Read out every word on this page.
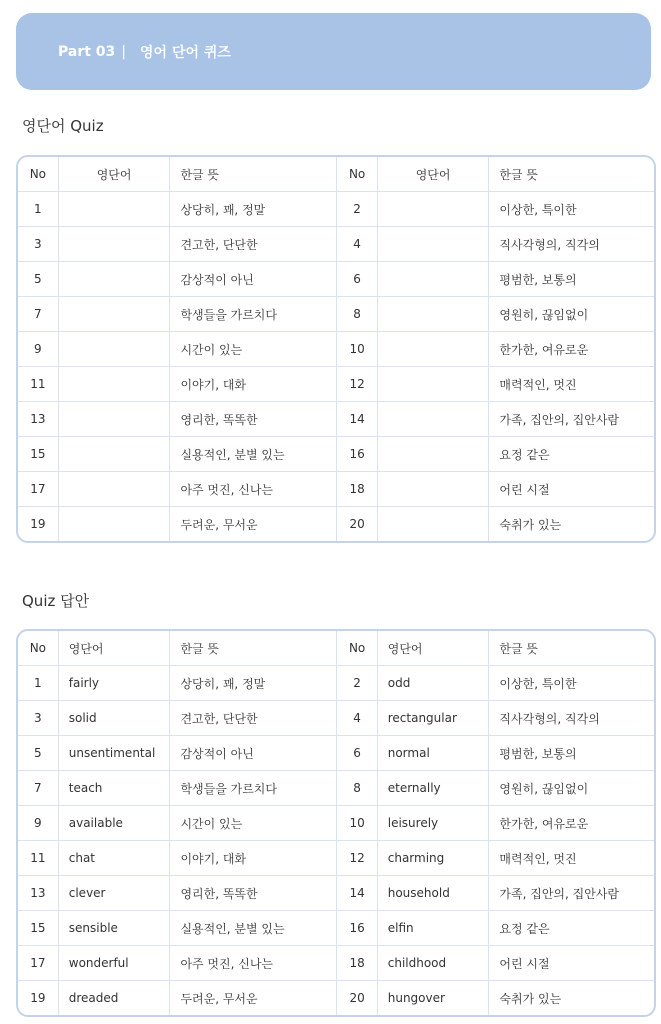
Part 03 | 영어 단어 퀴즈
영단어 Quiz
No	영단어	한글 뜻	No	영단어	한글 뜻
1		상당히, 꽤, 정말	2		이상한, 특이한
3		견고한, 단단한	4		직사각형의, 직각의
5		감상적이 아닌	6		평범한, 보통의
7		학생들을 가르치다	8		영원히, 끊임없이
9		시간이 있는	10		한가한, 여유로운
11		이야기, 대화	12		매력적인, 멋진
13		영리한, 똑똑한	14		가족, 집안의, 집안사람
15		실용적인, 분별 있는	16		요정 같은
17		아주 멋진, 신나는	18		어린 시절
19		두려운, 무서운	20		숙취가 있는
Quiz 답안
No	영단어	한글 뜻	No	영단어	한글 뜻
1	fairly	상당히, 꽤, 정말	2	odd	이상한, 특이한
3	solid	견고한, 단단한	4	rectangular	직사각형의, 직각의
5	unsentimental	감상적이 아닌	6	normal	평범한, 보통의
7	teach	학생들을 가르치다	8	eternally	영원히, 끊임없이
9	available	시간이 있는	10	leisurely	한가한, 여유로운
11	chat	이야기, 대화	12	charming	매력적인, 멋진
13	clever	영리한, 똑똑한	14	household	가족, 집안의, 집안사람
15	sensible	실용적인, 분별 있는	16	elfin	요정 같은
17	wonderful	아주 멋진, 신나는	18	childhood	어린 시절
19	dreaded	두려운, 무서운	20	hungover	숙취가 있는
